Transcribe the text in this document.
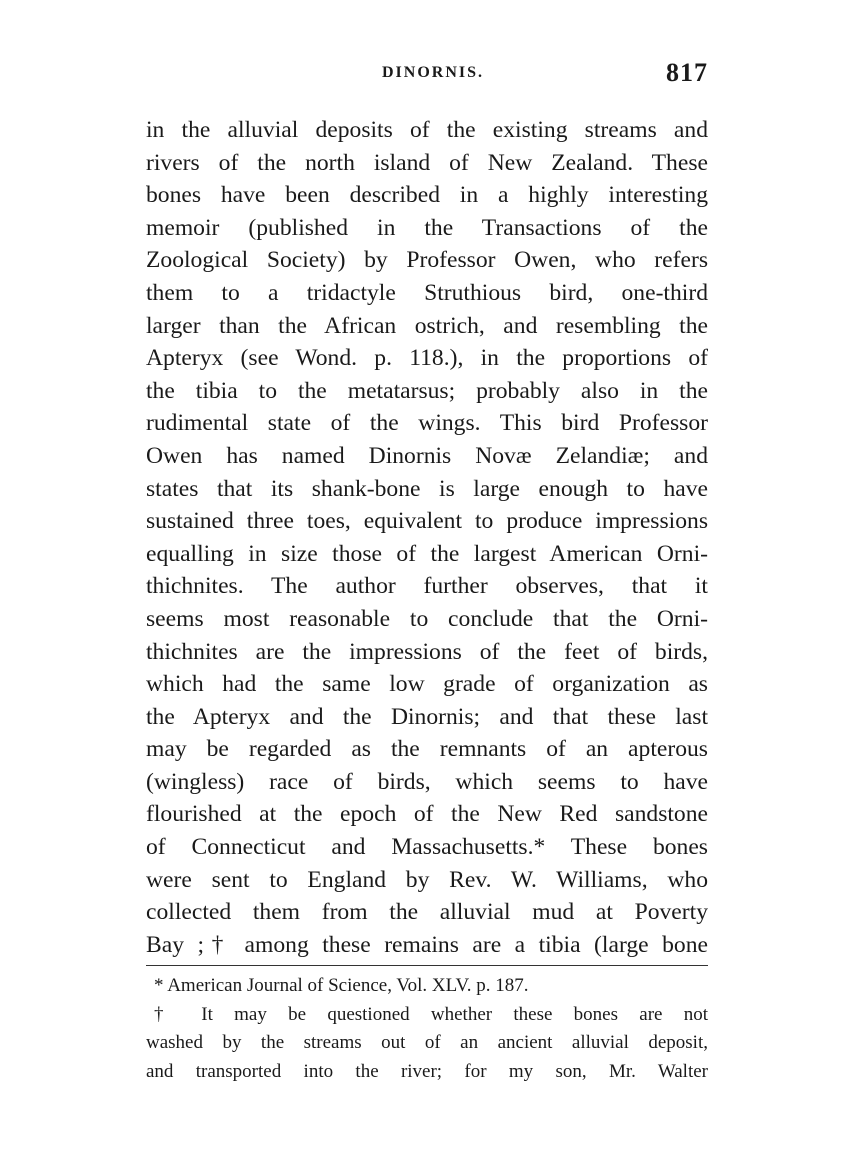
DINORNIS.	817
in the alluvial deposits of the existing streams and
rivers of the north island of New Zealand. These
bones have been described in a highly interesting
memoir (published in the Transactions of the
Zoological Society) by Professor Owen, who refers
them to a tridactyle Struthious bird, one-third
larger than the African ostrich, and resembling the
Apteryx (see Wond. p. 118.), in the proportions of
the tibia to the metatarsus; probably also in the
rudimental state of the wings. This bird Professor
Owen has named Dinornis Novæ Zelandiæ; and
states that its shank-bone is large enough to have
sustained three toes, equivalent to produce impressions
equalling in size those of the largest American Orni-
thichnites. The author further observes, that it
seems most reasonable to conclude that the Orni-
thichnites are the impressions of the feet of birds,
which had the same low grade of organization as
the Apteryx and the Dinornis; and that these last
may be regarded as the remnants of an apterous
(wingless) race of birds, which seems to have
flourished at the epoch of the New Red sandstone
of Connecticut and Massachusetts.* These bones
were sent to England by Rev. W. Williams, who
collected them from the alluvial mud at Poverty
Bay ;† among these remains are a tibia (large bone
* American Journal of Science, Vol. XLV. p. 187.
† It may be questioned whether these bones are not
washed by the streams out of an ancient alluvial deposit,
and transported into the river; for my son, Mr. Walter
